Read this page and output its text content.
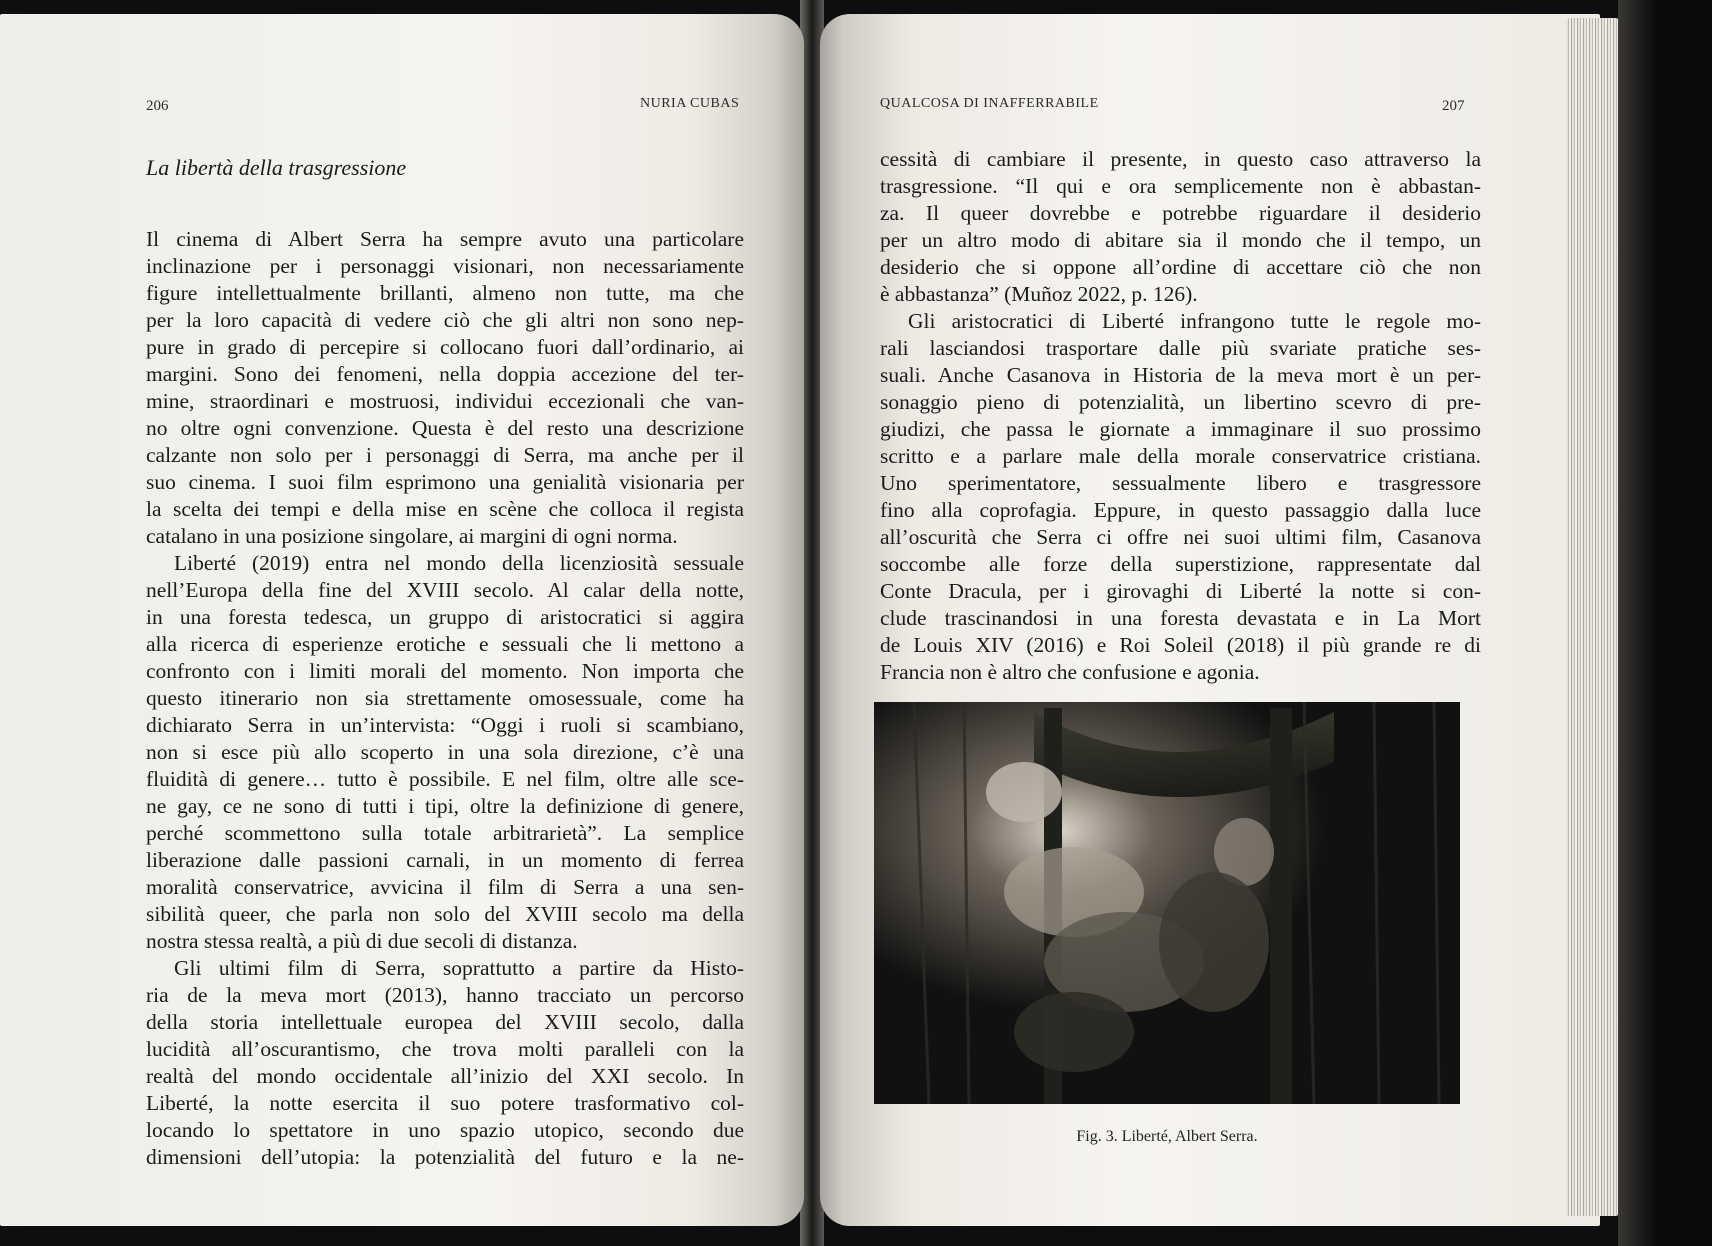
206	NURIA CUBAS
La libertà della trasgressione
Il cinema di Albert Serra ha sempre avuto una particolare
inclinazione per i personaggi visionari, non necessariamente
figure intellettualmente brillanti, almeno non tutte, ma che
per la loro capacità di vedere ciò che gli altri non sono nep-
pure in grado di percepire si collocano fuori dall’ordinario, ai
margini. Sono dei fenomeni, nella doppia accezione del ter-
mine, straordinari e mostruosi, individui eccezionali che van-
no oltre ogni convenzione. Questa è del resto una descrizione
calzante non solo per i personaggi di Serra, ma anche per il
suo cinema. I suoi film esprimono una genialità visionaria per
la scelta dei tempi e della mise en scène che colloca il regista
catalano in una posizione singolare, ai margini di ogni norma.
Liberté (2019) entra nel mondo della licenziosità sessuale
nell’Europa della fine del XVIII secolo. Al calar della notte,
in una foresta tedesca, un gruppo di aristocratici si aggira
alla ricerca di esperienze erotiche e sessuali che li mettono a
confronto con i limiti morali del momento. Non importa che
questo itinerario non sia strettamente omosessuale, come ha
dichiarato Serra in un’intervista: “Oggi i ruoli si scambiano,
non si esce più allo scoperto in una sola direzione, c’è una
fluidità di genere… tutto è possibile. E nel film, oltre alle sce-
ne gay, ce ne sono di tutti i tipi, oltre la definizione di genere,
perché scommettono sulla totale arbitrarietà”. La semplice
liberazione dalle passioni carnali, in un momento di ferrea
moralità conservatrice, avvicina il film di Serra a una sen-
sibilità queer, che parla non solo del XVIII secolo ma della
nostra stessa realtà, a più di due secoli di distanza.
Gli ultimi film di Serra, soprattutto a partire da Histo-
ria de la meva mort (2013), hanno tracciato un percorso
della storia intellettuale europea del XVIII secolo, dalla
lucidità all’oscurantismo, che trova molti paralleli con la
realtà del mondo occidentale all’inizio del XXI secolo. In
Liberté, la notte esercita il suo potere trasformativo col-
locando lo spettatore in uno spazio utopico, secondo due
dimensioni dell’utopia: la potenzialità del futuro e la ne-
QUALCOSA DI INAFFERRABILE	207
cessità di cambiare il presente, in questo caso attraverso la
trasgressione. “Il qui e ora semplicemente non è abbastan-
za. Il queer dovrebbe e potrebbe riguardare il desiderio
per un altro modo di abitare sia il mondo che il tempo, un
desiderio che si oppone all’ordine di accettare ciò che non
è abbastanza” (Muñoz 2022, p. 126).
Gli aristocratici di Liberté infrangono tutte le regole mo-
rali lasciandosi trasportare dalle più svariate pratiche ses-
suali. Anche Casanova in Historia de la meva mort è un per-
sonaggio pieno di potenzialità, un libertino scevro di pre-
giudizi, che passa le giornate a immaginare il suo prossimo
scritto e a parlare male della morale conservatrice cristiana.
Uno sperimentatore, sessualmente libero e trasgressore
fino alla coprofagia. Eppure, in questo passaggio dalla luce
all’oscurità che Serra ci offre nei suoi ultimi film, Casanova
soccombe alle forze della superstizione, rappresentate dal
Conte Dracula, per i girovaghi di Liberté la notte si con-
clude trascinandosi in una foresta devastata e in La Mort
de Louis XIV (2016) e Roi Soleil (2018) il più grande re di
Francia non è altro che confusione e agonia.
Fig. 3. Liberté, Albert Serra.
